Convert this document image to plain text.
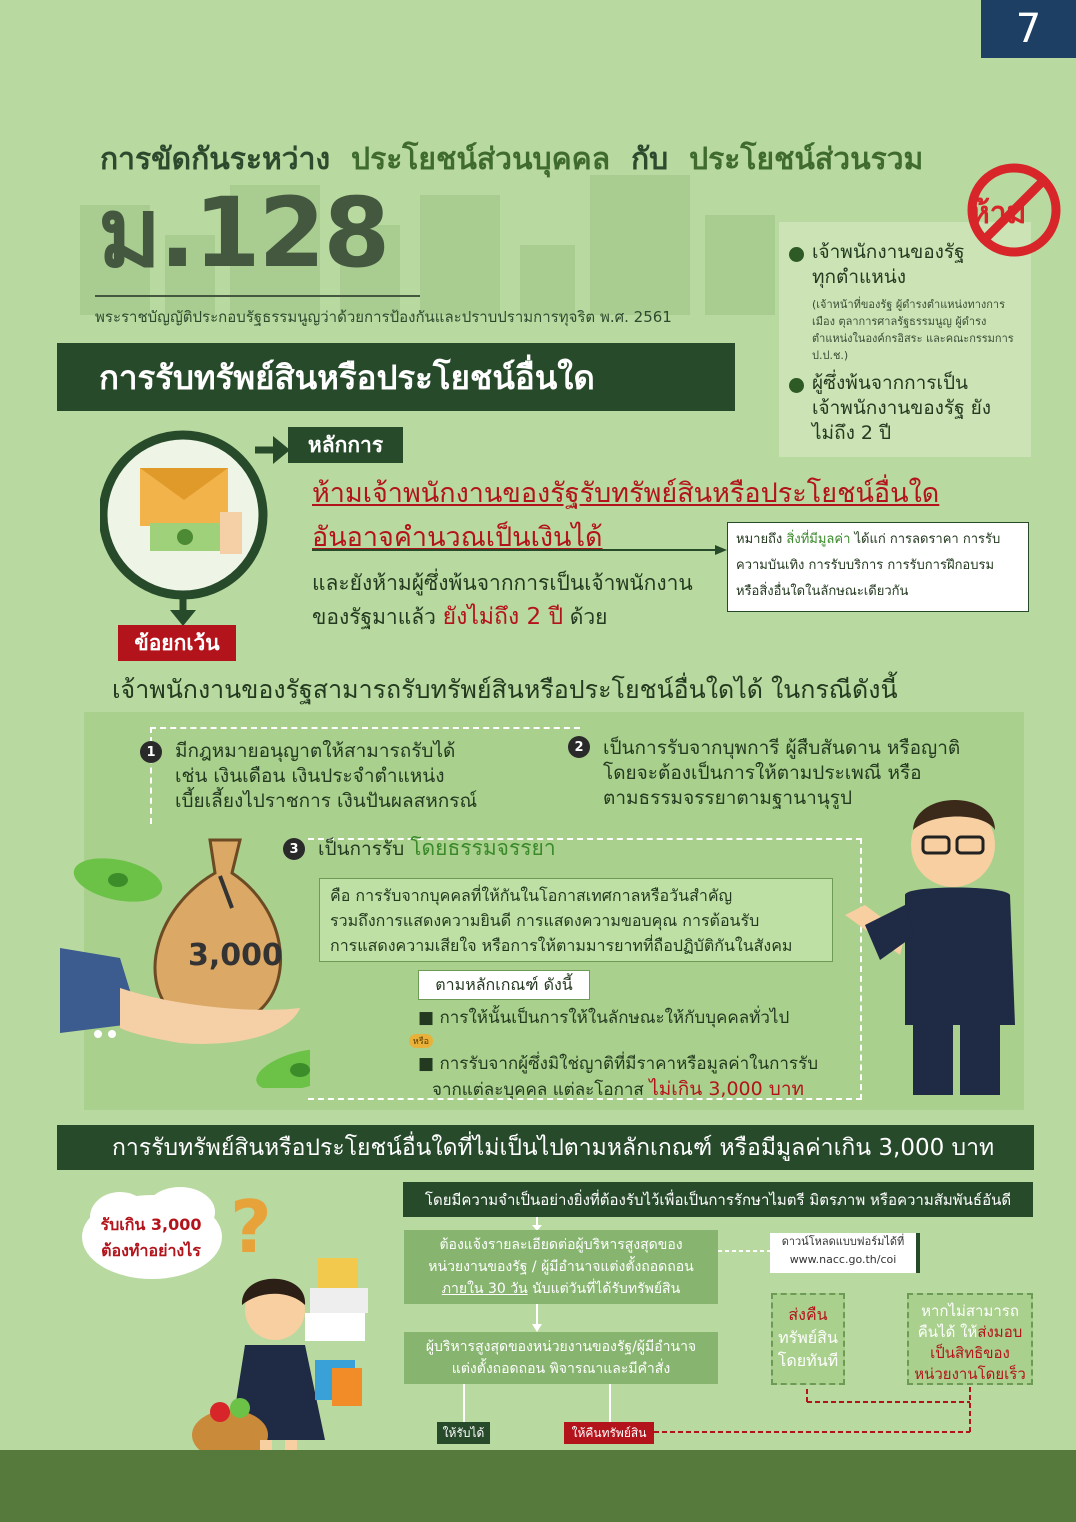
7
การขัดกันระหว่าง ประโยชน์ส่วนบุคคล กับ ประโยชน์ส่วนรวม
ม.128
พระราชบัญญัติประกอบรัฐธรรมนูญว่าด้วยการป้องกันและปราบปรามการทุจริต พ.ศ. 2561
เจ้าพนักงานของรัฐ ทุกตำแหน่ง
(เจ้าหน้าที่ของรัฐ ผู้ดำรงตำแหน่งทางการเมือง ตุลาการศาลรัฐธรรมนูญ ผู้ดำรงตำแหน่งในองค์กรอิสระ และคณะกรรมการ ป.ป.ช.)
ผู้ซึ่งพ้นจากการเป็น เจ้าพนักงานของรัฐ ยังไม่ถึง 2 ปี
ห้าม
การรับทรัพย์สินหรือประโยชน์อื่นใด
หลักการ
ห้ามเจ้าพนักงานของรัฐรับทรัพย์สินหรือประโยชน์อื่นใด
อันอาจคำนวณเป็นเงินได้
และยังห้ามผู้ซึ่งพ้นจากการเป็นเจ้าพนักงาน
ของรัฐมาแล้ว ยังไม่ถึง 2 ปี ด้วย
หมายถึง สิ่งที่มีมูลค่า ได้แก่ การลดราคา การรับความบันเทิง การรับบริการ การรับการฝึกอบรม หรือสิ่งอื่นใดในลักษณะเดียวกัน
ข้อยกเว้น
เจ้าพนักงานของรัฐสามารถรับทรัพย์สินหรือประโยชน์อื่นใดได้ ในกรณีดังนี้
1	มีกฎหมายอนุญาตให้สามารถรับได้
เช่น เงินเดือน เงินประจำตำแหน่ง
เบี้ยเลี้ยงไปราชการ เงินปันผลสหกรณ์
2	เป็นการรับจากบุพการี ผู้สืบสันดาน หรือญาติ
โดยจะต้องเป็นการให้ตามประเพณี หรือ
ตามธรรมจรรยาตามฐานานุรูป
3	เป็นการรับ โดยธรรมจรรยา
คือ การรับจากบุคคลที่ให้กันในโอกาสเทศกาลหรือวันสำคัญ
รวมถึงการแสดงความยินดี การแสดงความขอบคุณ การต้อนรับ
การแสดงความเสียใจ หรือการให้ตามมารยาทที่ถือปฏิบัติกันในสังคม
ตามหลักเกณฑ์ ดังนี้
■ การให้นั้นเป็นการให้ในลักษณะให้กับบุคคลทั่วไป
หรือ
■ การรับจากผู้ซึ่งมิใช่ญาติที่มีราคาหรือมูลค่าในการรับ
จากแต่ละบุคคล แต่ละโอกาส ไม่เกิน 3,000 บาท
3,000
การรับทรัพย์สินหรือประโยชน์อื่นใดที่ไม่เป็นไปตามหลักเกณฑ์ หรือมีมูลค่าเกิน 3,000 บาท
?
รับเกิน 3,000
ต้องทำอย่างไร
โดยมีความจำเป็นอย่างยิ่งที่ต้องรับไว้เพื่อเป็นการรักษาไมตรี มิตรภาพ หรือความสัมพันธ์อันดี
ต้องแจ้งรายละเอียดต่อผู้บริหารสูงสุดของ
หน่วยงานของรัฐ / ผู้มีอำนาจแต่งตั้งถอดถอน
ภายใน 30 วัน นับแต่วันที่ได้รับทรัพย์สิน
ดาวน์โหลดแบบฟอร์มได้ที่
www.nacc.go.th/coi
ผู้บริหารสูงสุดของหน่วยงานของรัฐ/ผู้มีอำนาจ
แต่งตั้งถอดถอน พิจารณาและมีคำสั่ง
ให้รับได้	ให้คืนทรัพย์สิน
ส่งคืน
ทรัพย์สิน
โดยทันที
หากไม่สามารถ
คืนได้ ให้ส่งมอบ
เป็นสิทธิของ
หน่วยงานโดยเร็ว
